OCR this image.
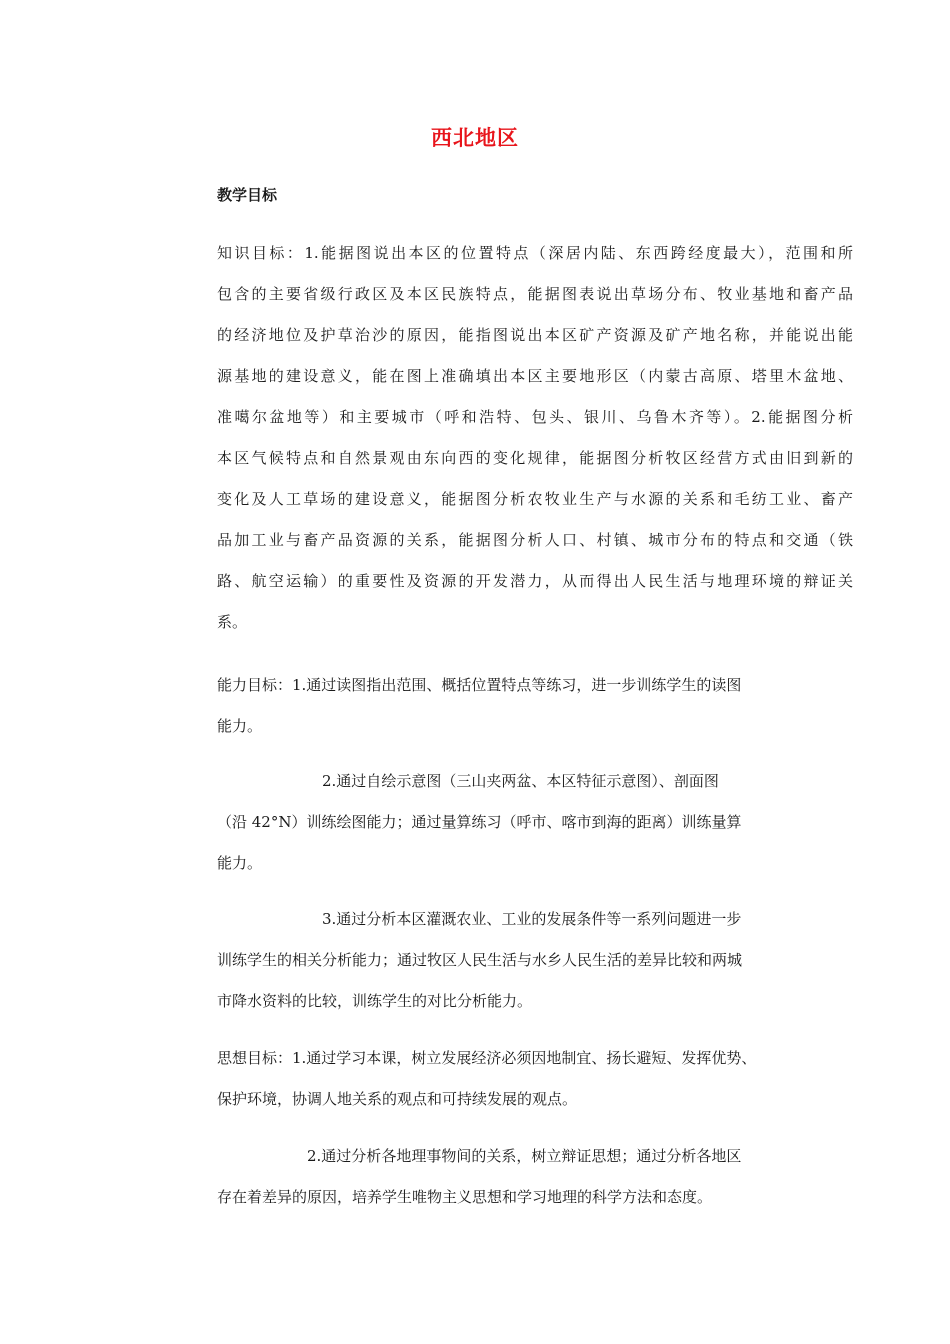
西北地区
教学目标
知识目标：1.能据图说出本区的位置特点（深居内陆、东西跨经度最大），范围和所
包含的主要省级行政区及本区民族特点，能据图表说出草场分布、牧业基地和畜产品
的经济地位及护草治沙的原因，能指图说出本区矿产资源及矿产地名称，并能说出能
源基地的建设意义，能在图上准确填出本区主要地形区（内蒙古高原、塔里木盆地、
准噶尔盆地等）和主要城市（呼和浩特、包头、银川、乌鲁木齐等）。2.能据图分析
本区气候特点和自然景观由东向西的变化规律，能据图分析牧区经营方式由旧到新的
变化及人工草场的建设意义，能据图分析农牧业生产与水源的关系和毛纺工业、畜产
品加工业与畜产品资源的关系，能据图分析人口、村镇、城市分布的特点和交通（铁
路、航空运输）的重要性及资源的开发潜力，从而得出人民生活与地理环境的辩证关
系。
能力目标：1.通过读图指出范围、概括位置特点等练习，进一步训练学生的读图
能力。
　　　　　　　2.通过自绘示意图（三山夹两盆、本区特征示意图）、剖面图
（沿 42°N）训练绘图能力；通过量算练习（呼市、喀市到海的距离）训练量算
能力。
　　　　　　　3.通过分析本区灌溉农业、工业的发展条件等一系列问题进一步
训练学生的相关分析能力；通过牧区人民生活与水乡人民生活的差异比较和两城
市降水资料的比较，训练学生的对比分析能力。
思想目标：1.通过学习本课，树立发展经济必须因地制宜、扬长避短、发挥优势、
保护环境，协调人地关系的观点和可持续发展的观点。
　　　　　　2.通过分析各地理事物间的关系，树立辩证思想；通过分析各地区
存在着差异的原因，培养学生唯物主义思想和学习地理的科学方法和态度。
